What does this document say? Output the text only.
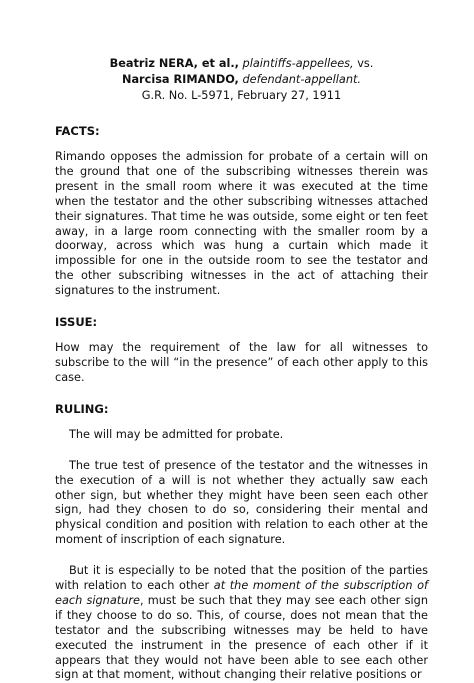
Beatriz NERA, et al., plaintiffs-appellees, vs.
Narcisa RIMANDO, defendant-appellant.
G.R. No. L-5971, February 27, 1911
FACTS:

Rimando opposes the admission for probate of a certain will on the ground that one of the subscribing witnesses therein was present in the small room where it was executed at the time when the testator and the other subscribing witnesses attached their signatures. That time he was outside, some eight or ten feet away, in a large room connecting with the smaller room by a doorway, across which was hung a curtain which made it impossible for one in the outside room to see the testator and the other subscribing witnesses in the act of attaching their signatures to the instrument.

ISSUE:

How may the requirement of the law for all witnesses to subscribe to the will “in the presence” of each other apply to this case.

RULING:

The will may be admitted for probate.

The true test of presence of the testator and the witnesses in the execution of a will is not whether they actually saw each other sign, but whether they might have been seen each other sign, had they chosen to do so, considering their mental and physical condition and position with relation to each other at the moment of inscription of each signature.

But it is especially to be noted that the position of the parties with relation to each other at the moment of the subscription of each signature, must be such that they may see each other sign if they choose to do so. This, of course, does not mean that the testator and the subscribing witnesses may be held to have executed the instrument in the presence of each other if it appears that they would not have been able to see each other sign at that moment, without changing their relative positions or
